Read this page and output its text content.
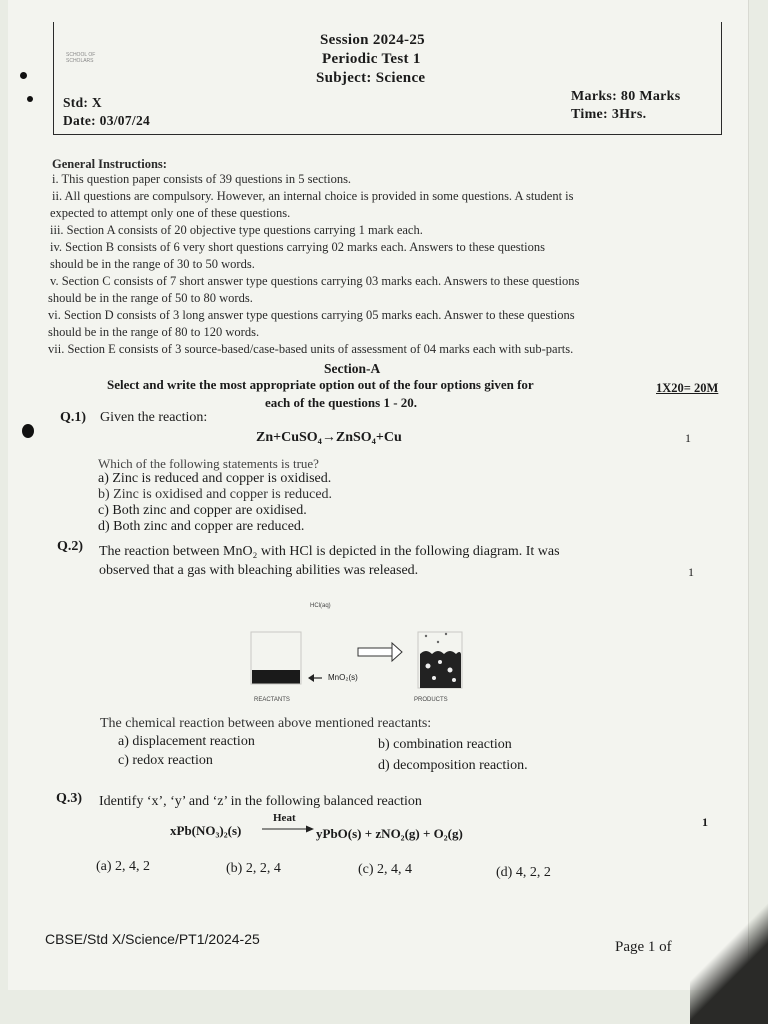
SCHOOL OF SCHOLARS
Session 2024-25
Periodic Test 1
Subject: Science
Std: X
Date: 03/07/24
Marks: 80 Marks
Time: 3Hrs.
General Instructions:
i. This question paper consists of 39 questions in 5 sections.
ii. All questions are compulsory. However, an internal choice is provided in some questions. A student is
expected to attempt only one of these questions.
iii. Section A consists of 20 objective type questions carrying 1 mark each.
iv. Section B consists of 6 very short questions carrying 02 marks each. Answers to these questions
should be in the range of 30 to 50 words.
v. Section C consists of 7 short answer type questions carrying 03 marks each. Answers to these questions
should be in the range of 50 to 80 words.
vi. Section D consists of 3 long answer type questions carrying 05 marks each. Answer to these questions
should be in the range of 80 to 120 words.
vii. Section E consists of 3 source-based/case-based units of assessment of 04 marks each with sub-parts.
Section-A
Select and write the most appropriate option out of the four options given for
each of the questions 1 - 20.
1X20= 20M
Q.1) Given the reaction:
Zn+CuSO₄→ZnSO₄+Cu	1
Which of the following statements is true?
a) Zinc is reduced and copper is oxidised.
b) Zinc is oxidised and copper is reduced.
c) Both zinc and copper are oxidised.
d) Both zinc and copper are reduced.
Q.2) The reaction between MnO₂ with HCl is depicted in the following diagram. It was
observed that a gas with bleaching abilities was released.	1
HCl(aq)
MnO₂(s)
REACTANTS	PRODUCTS
The chemical reaction between above mentioned reactants:
a) displacement reaction	b) combination reaction
c) redox reaction	d) decomposition reaction.
Q.3) Identify ‘x’, ‘y’ and ‘z’ in the following balanced reaction
xPb(NO₃)₂(s)
Heat
→ yPbO(s) + zNO₂(g) + O₂(g)
1
(a) 2, 4, 2	(b) 2, 2, 4	(c) 2, 4, 4	(d) 4, 2, 2
CBSE/Std X/Science/PT1/2024-25	Page 1 of
